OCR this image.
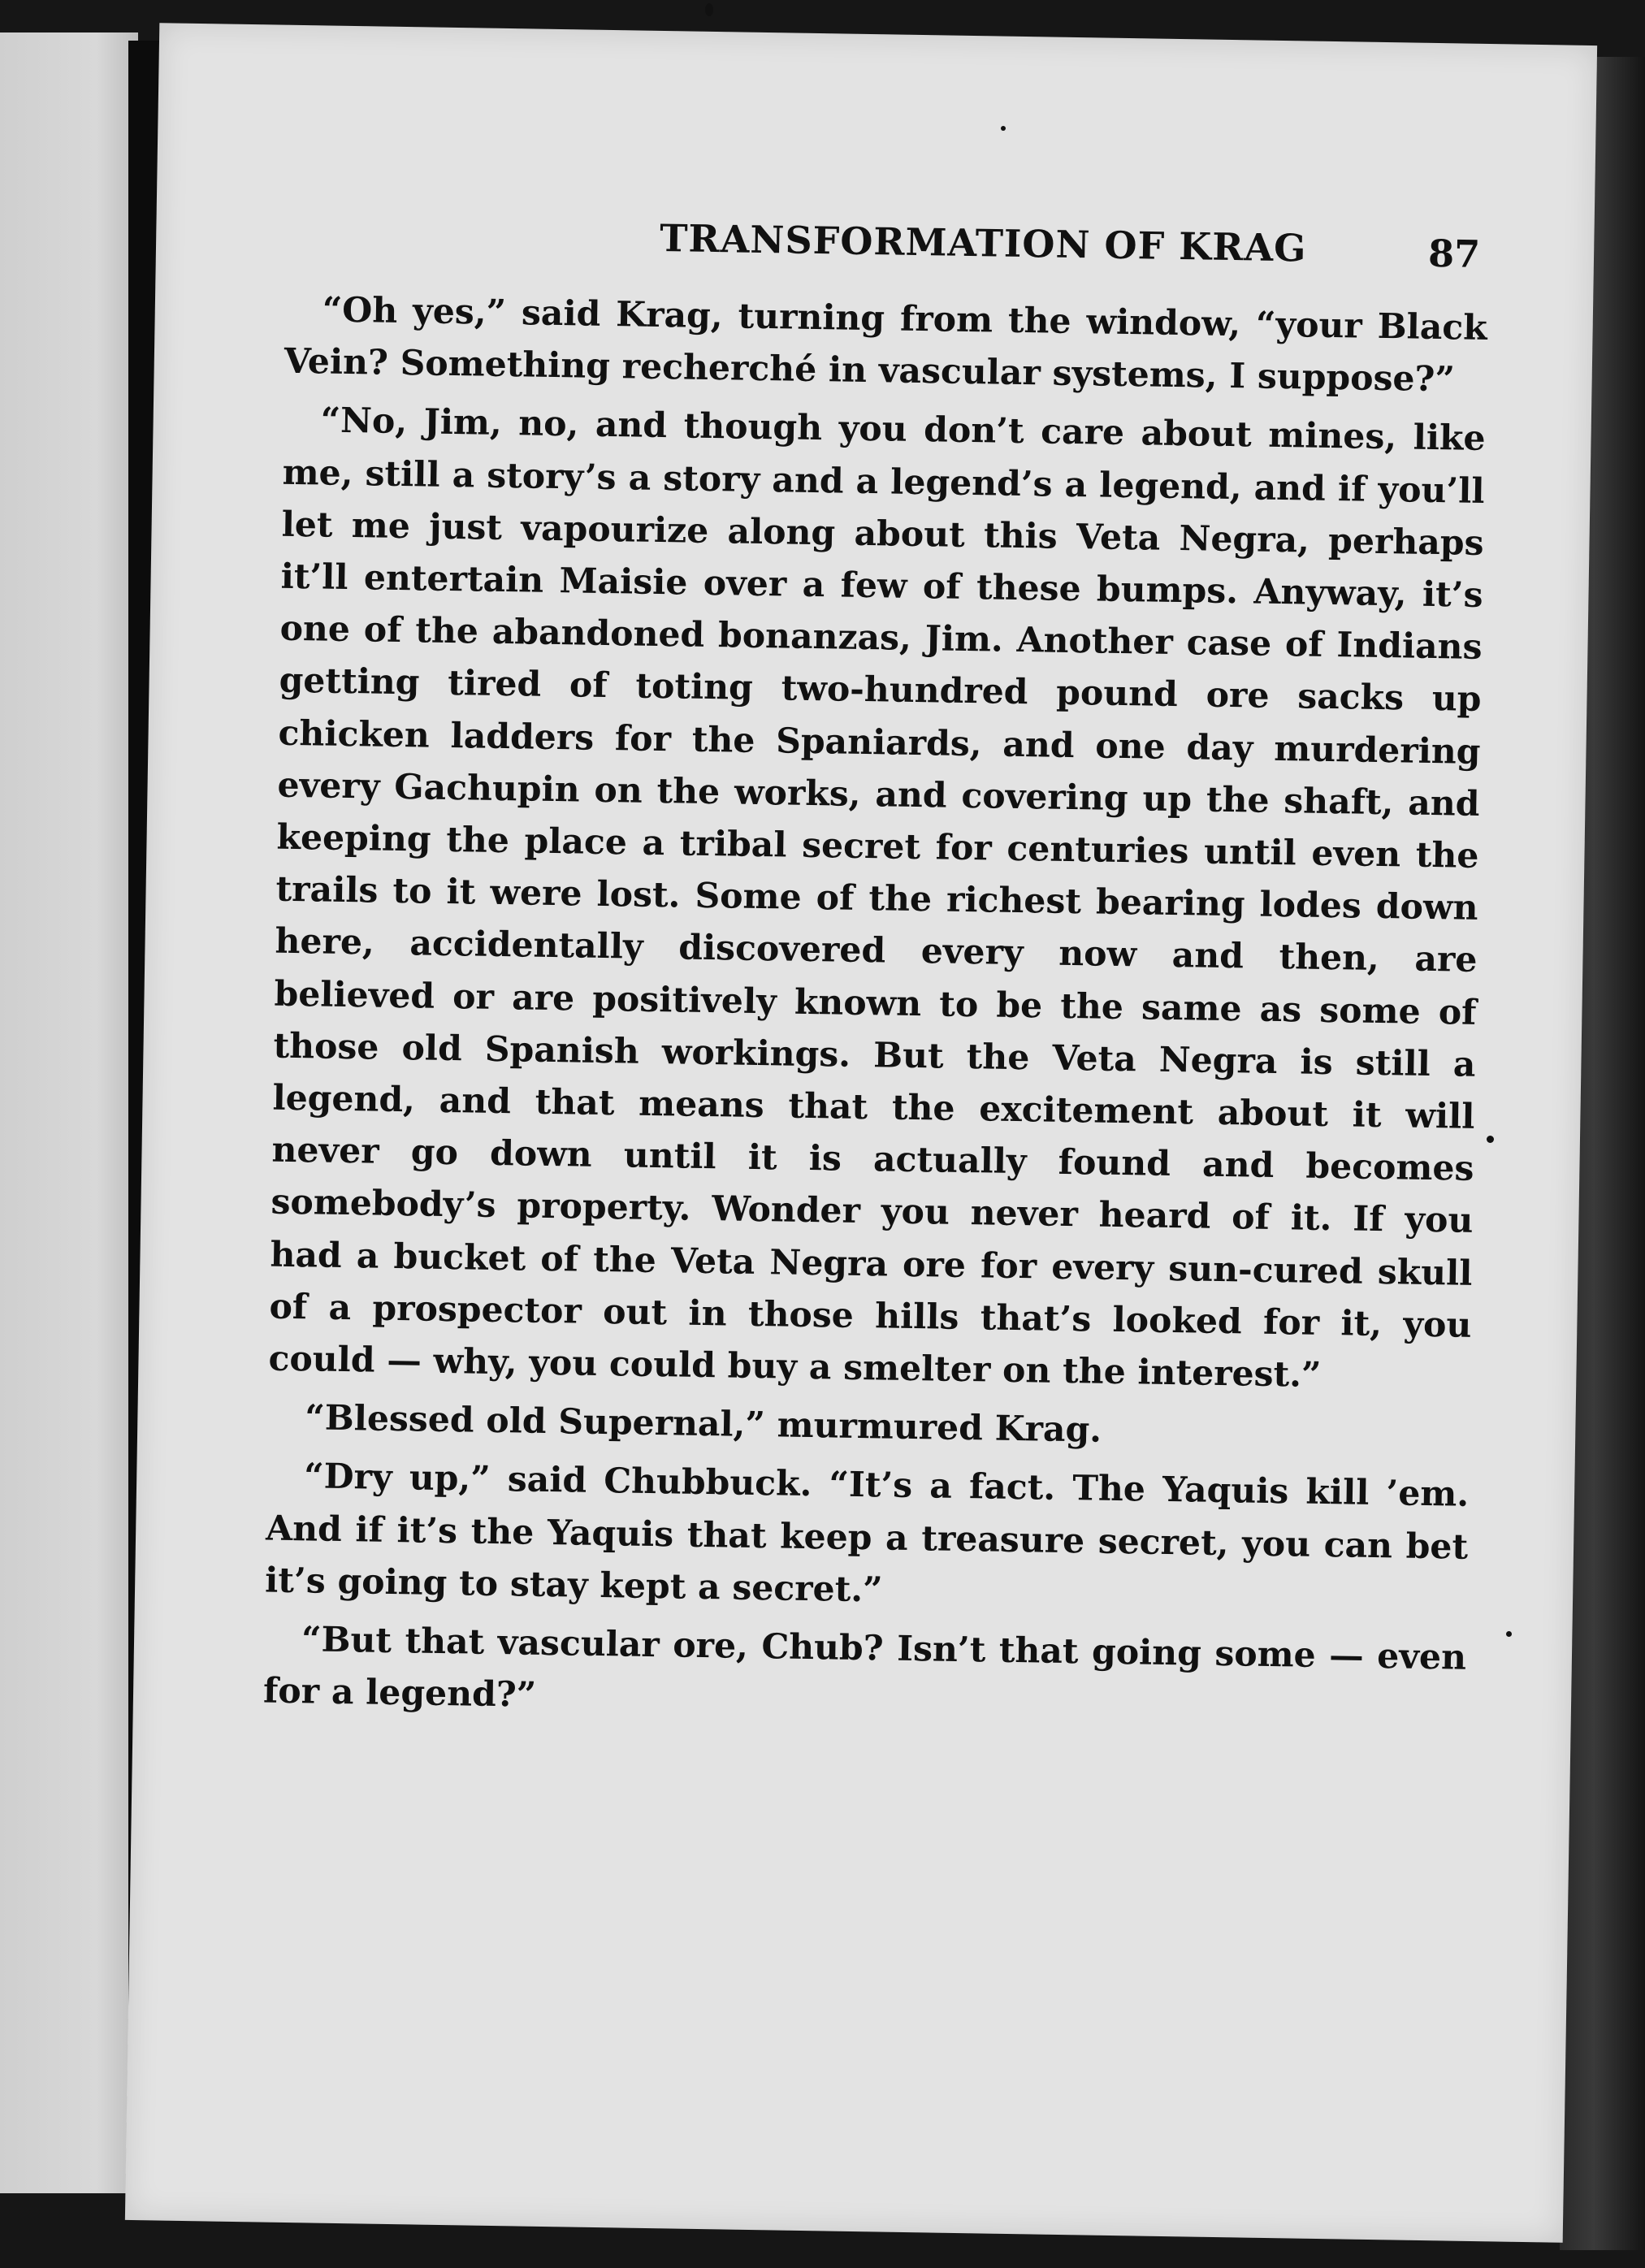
TRANSFORMATION OF KRAG	87

“Oh yes,” said Krag, turning from the window, “your Black Vein? Something recherché in vascular systems, I suppose?”

“No, Jim, no, and though you don’t care about mines, like me, still a story’s a story and a legend’s a legend, and if you’ll let me just vapourize along about this Veta Negra, perhaps it’ll entertain Maisie over a few of these bumps. Anyway, it’s one of the abandoned bonanzas, Jim. Another case of Indians getting tired of toting two-hundred pound ore sacks up chicken ladders for the Spaniards, and one day murdering every Gachupin on the works, and covering up the shaft, and keeping the place a tribal secret for centuries until even the trails to it were lost. Some of the richest bearing lodes down here, accidentally discovered every now and then, are believed or are positively known to be the same as some of those old Spanish workings. But the Veta Negra is still a legend, and that means that the excitement about it will never go down until it is actually found and becomes somebody’s property. Wonder you never heard of it. If you had a bucket of the Veta Negra ore for every sun-cured skull of a prospector out in those hills that’s looked for it, you could — why, you could buy a smelter on the interest.”

“Blessed old Supernal,” murmured Krag.

“Dry up,” said Chubbuck. “It’s a fact. The Yaquis kill ’em. And if it’s the Yaquis that keep a treasure secret, you can bet it’s going to stay kept a secret.”

“But that vascular ore, Chub? Isn’t that going some — even for a legend?”
